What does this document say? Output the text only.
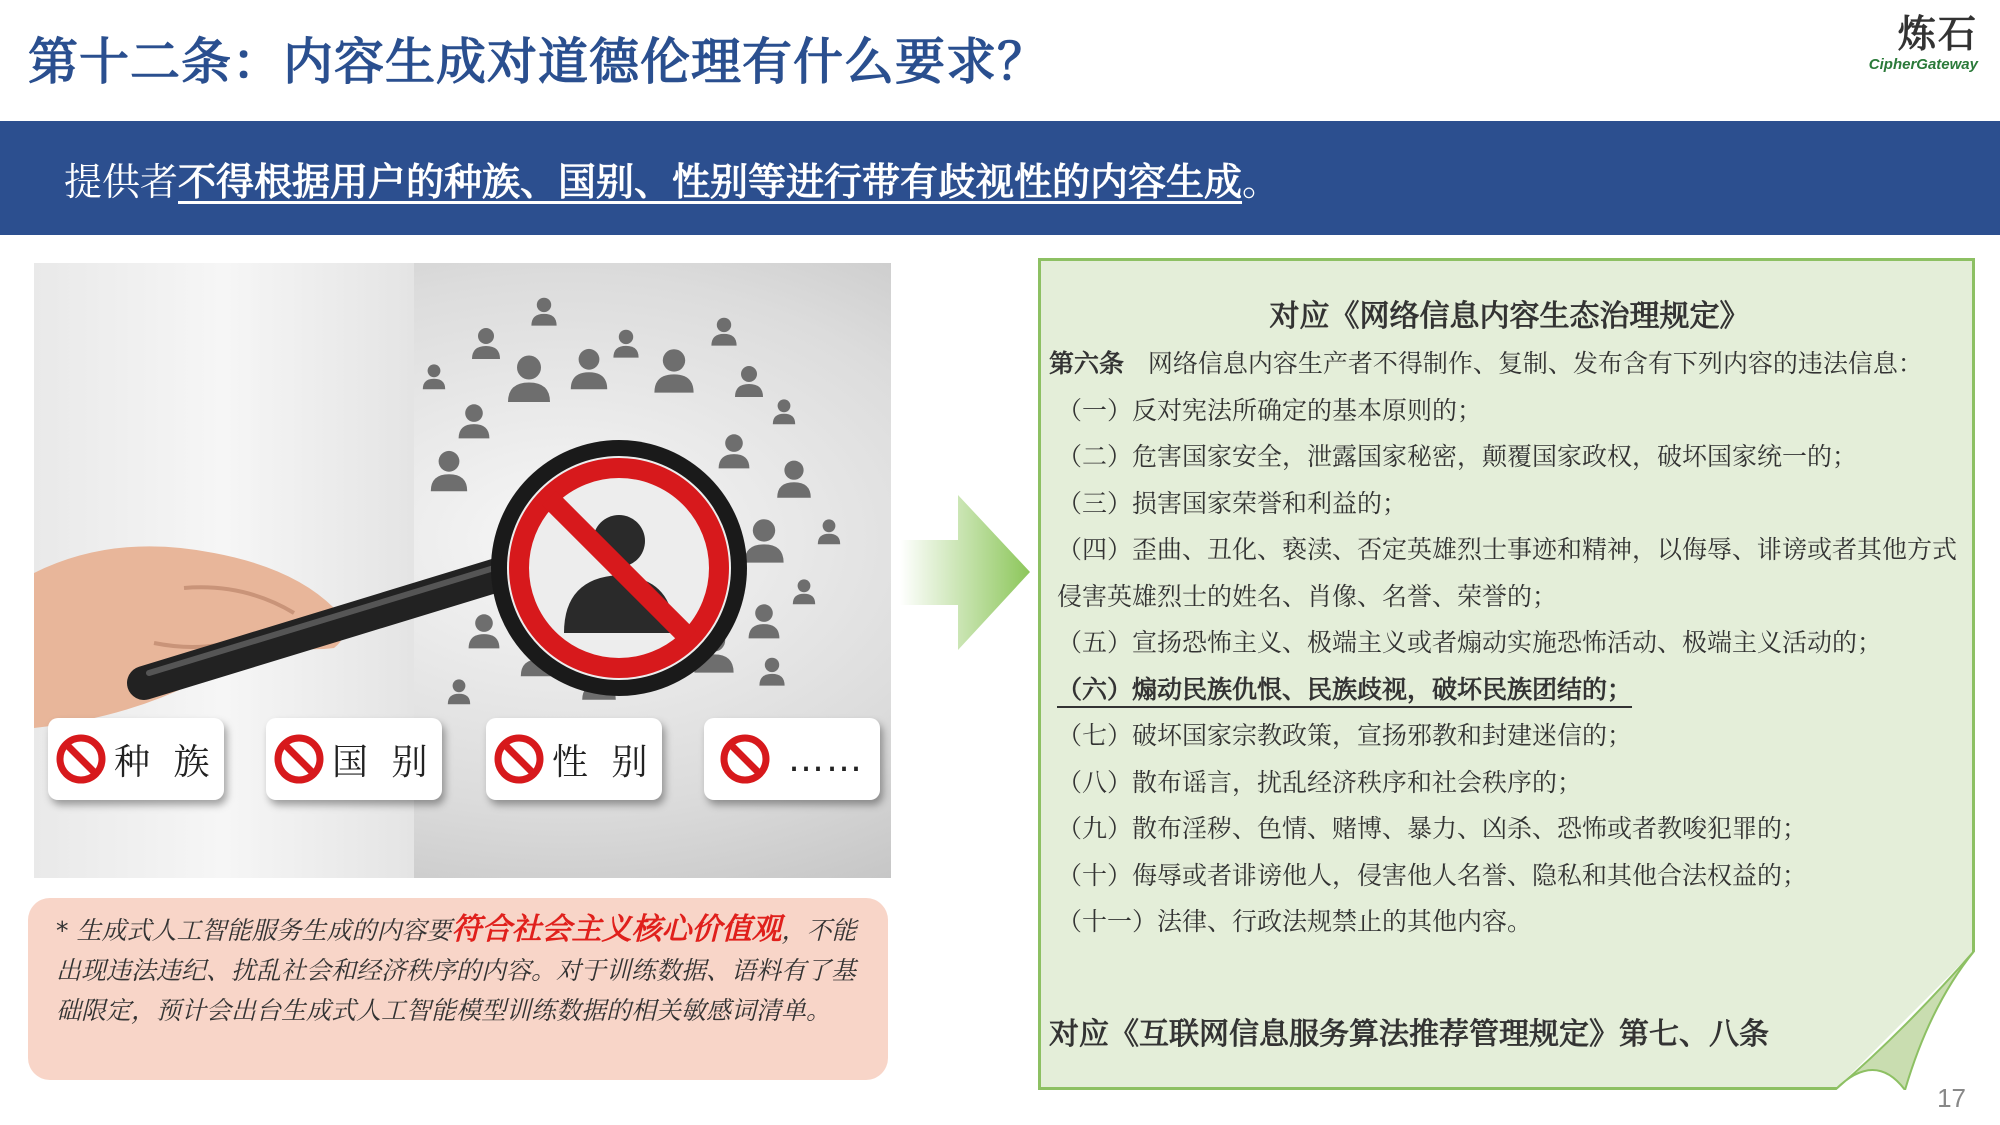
第十二条：内容生成对道德伦理有什么要求？	炼石
CipherGateway
提供者不得根据用户的种族、国别、性别等进行带有歧视性的内容生成。
种 族	国 别	性 别	……
* 生成式人工智能服务生成的内容要符合社会主义核心价值观，不能出现违法违纪、扰乱社会和经济秩序的内容。对于训练数据、语料有了基础限定，预计会出台生成式人工智能模型训练数据的相关敏感词清单。
对应《网络信息内容生态治理规定》
第六条 网络信息内容生产者不得制作、复制、发布含有下列内容的违法信息：
（一）反对宪法所确定的基本原则的；
（二）危害国家安全，泄露国家秘密，颠覆国家政权，破坏国家统一的；
（三）损害国家荣誉和利益的；
（四）歪曲、丑化、亵渎、否定英雄烈士事迹和精神，以侮辱、诽谤或者其他方式侵害英雄烈士的姓名、肖像、名誉、荣誉的；
（五）宣扬恐怖主义、极端主义或者煽动实施恐怖活动、极端主义活动的；
（六）煽动民族仇恨、民族歧视，破坏民族团结的；
（七）破坏国家宗教政策，宣扬邪教和封建迷信的；
（八）散布谣言，扰乱经济秩序和社会秩序的；
（九）散布淫秽、色情、赌博、暴力、凶杀、恐怖或者教唆犯罪的；
（十）侮辱或者诽谤他人，侵害他人名誉、隐私和其他合法权益的；
（十一）法律、行政法规禁止的其他内容。
对应《互联网信息服务算法推荐管理规定》第七、八条
17
